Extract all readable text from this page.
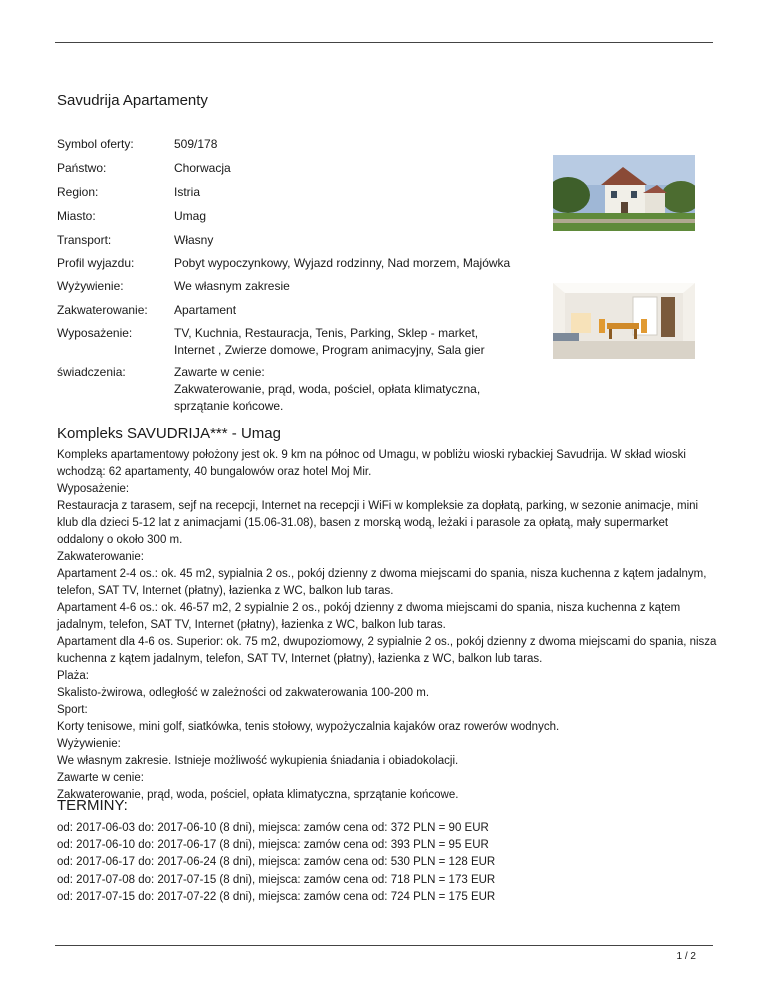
Savudrija Apartamenty
Symbol oferty:	509/178
Państwo:	Chorwacja
Region:	Istria
Miasto:	Umag
Transport:	Własny
Profil wyjazdu:	Pobyt wypoczynkowy, Wyjazd rodzinny, Nad morzem, Majówka
Wyżywienie:	We własnym zakresie
Zakwaterowanie:	Apartament
Wyposażenie:	TV, Kuchnia, Restauracja, Tenis, Parking, Sklep - market,
Internet , Zwierze domowe, Program animacyjny, Sala gier
świadczenia:	Zawarte w cenie:
Zakwaterowanie, prąd, woda, pościel, opłata klimatyczna,
sprzątanie końcowe.
Kompleks SAVUDRIJA*** - Umag

Kompleks apartamentowy położony jest ok. 9 km na północ od Umagu, w pobliżu wioski rybackiej Savudrija. W skład wioski wchodzą: 62 apartamenty, 40 bungalowów oraz hotel Moj Mir.

Wyposażenie:

Restauracja z tarasem, sejf na recepcji, Internet na recepcji i WiFi w kompleksie za dopłatą, parking, w sezonie animacje, mini klub dla dzieci 5-12 lat z animacjami (15.06-31.08), basen z morską wodą, leżaki i parasole za opłatą, mały supermarket oddalony o około 300 m.

Zakwaterowanie:

Apartament 2-4 os.: ok. 45 m2, sypialnia 2 os., pokój dzienny z dwoma miejscami do spania, nisza kuchenna z kątem jadalnym, telefon, SAT TV, Internet (płatny), łazienka z WC, balkon lub taras.

Apartament 4-6 os.: ok. 46-57 m2, 2 sypialnie 2 os., pokój dzienny z dwoma miejscami do spania, nisza kuchenna z kątem jadalnym, telefon, SAT TV, Internet (płatny), łazienka z WC, balkon lub taras.

Apartament dla 4-6 os. Superior: ok. 75 m2, dwupoziomowy, 2 sypialnie 2 os., pokój dzienny z dwoma miejscami do spania, nisza kuchenna z kątem jadalnym, telefon, SAT TV, Internet (płatny), łazienka z WC, balkon lub taras.

Plaża:

Skalisto-żwirowa, odległość w zależności od zakwaterowania 100-200 m.

Sport:

Korty tenisowe, mini golf, siatkówka, tenis stołowy, wypożyczalnia kajaków oraz rowerów wodnych.

Wyżywienie:

We własnym zakresie. Istnieje możliwość wykupienia śniadania i obiadokolacji.

Zawarte w cenie:

Zakwaterowanie, prąd, woda, pościel, opłata klimatyczna, sprzątanie końcowe.

TERMINY:
od: 2017-06-03 do: 2017-06-10 (8 dni), miejsca: zamów cena od: 372 PLN = 90 EUR
od: 2017-06-10 do: 2017-06-17 (8 dni), miejsca: zamów cena od: 393 PLN = 95 EUR
od: 2017-06-17 do: 2017-06-24 (8 dni), miejsca: zamów cena od: 530 PLN = 128 EUR
od: 2017-07-08 do: 2017-07-15 (8 dni), miejsca: zamów cena od: 718 PLN = 173 EUR
od: 2017-07-15 do: 2017-07-22 (8 dni), miejsca: zamów cena od: 724 PLN = 175 EUR
1 / 2
